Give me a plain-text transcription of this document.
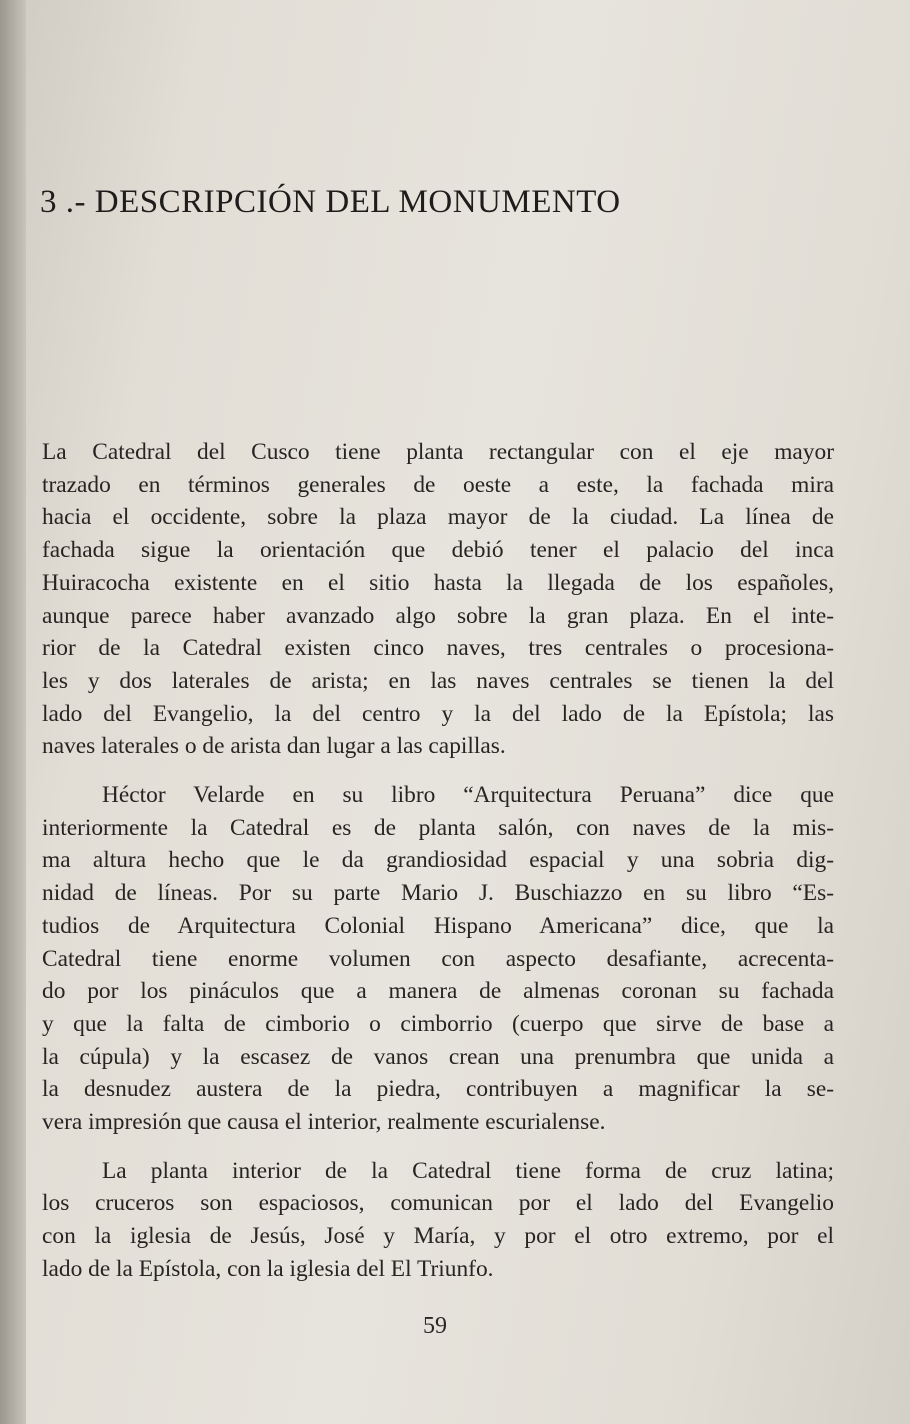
3 .- DESCRIPCIÓN DEL MONUMENTO
La Catedral del Cusco tiene planta rectangular con el eje mayor
trazado en términos generales de oeste a este, la fachada mira
hacia el occidente, sobre la plaza mayor de la ciudad. La línea de
fachada sigue la orientación que debió tener el palacio del inca
Huiracocha existente en el sitio hasta la llegada de los españoles,
aunque parece haber avanzado algo sobre la gran plaza. En el inte-
rior de la Catedral existen cinco naves, tres centrales o procesiona-
les y dos laterales de arista; en las naves centrales se tienen la del
lado del Evangelio, la del centro y la del lado de la Epístola; las
naves laterales o de arista dan lugar a las capillas.
Héctor Velarde en su libro “Arquitectura Peruana” dice que
interiormente la Catedral es de planta salón, con naves de la mis-
ma altura hecho que le da grandiosidad espacial y una sobria dig-
nidad de líneas. Por su parte Mario J. Buschiazzo en su libro “Es-
tudios de Arquitectura Colonial Hispano Americana” dice, que la
Catedral tiene enorme volumen con aspecto desafiante, acrecenta-
do por los pináculos que a manera de almenas coronan su fachada
y que la falta de cimborio o cimborrio (cuerpo que sirve de base a
la cúpula) y la escasez de vanos crean una prenumbra que unida a
la desnudez austera de la piedra, contribuyen a magnificar la se-
vera impresión que causa el interior, realmente escurialense.
La planta interior de la Catedral tiene forma de cruz latina;
los cruceros son espaciosos, comunican por el lado del Evangelio
con la iglesia de Jesús, José y María, y por el otro extremo, por el
lado de la Epístola, con la iglesia del El Triunfo.
59
